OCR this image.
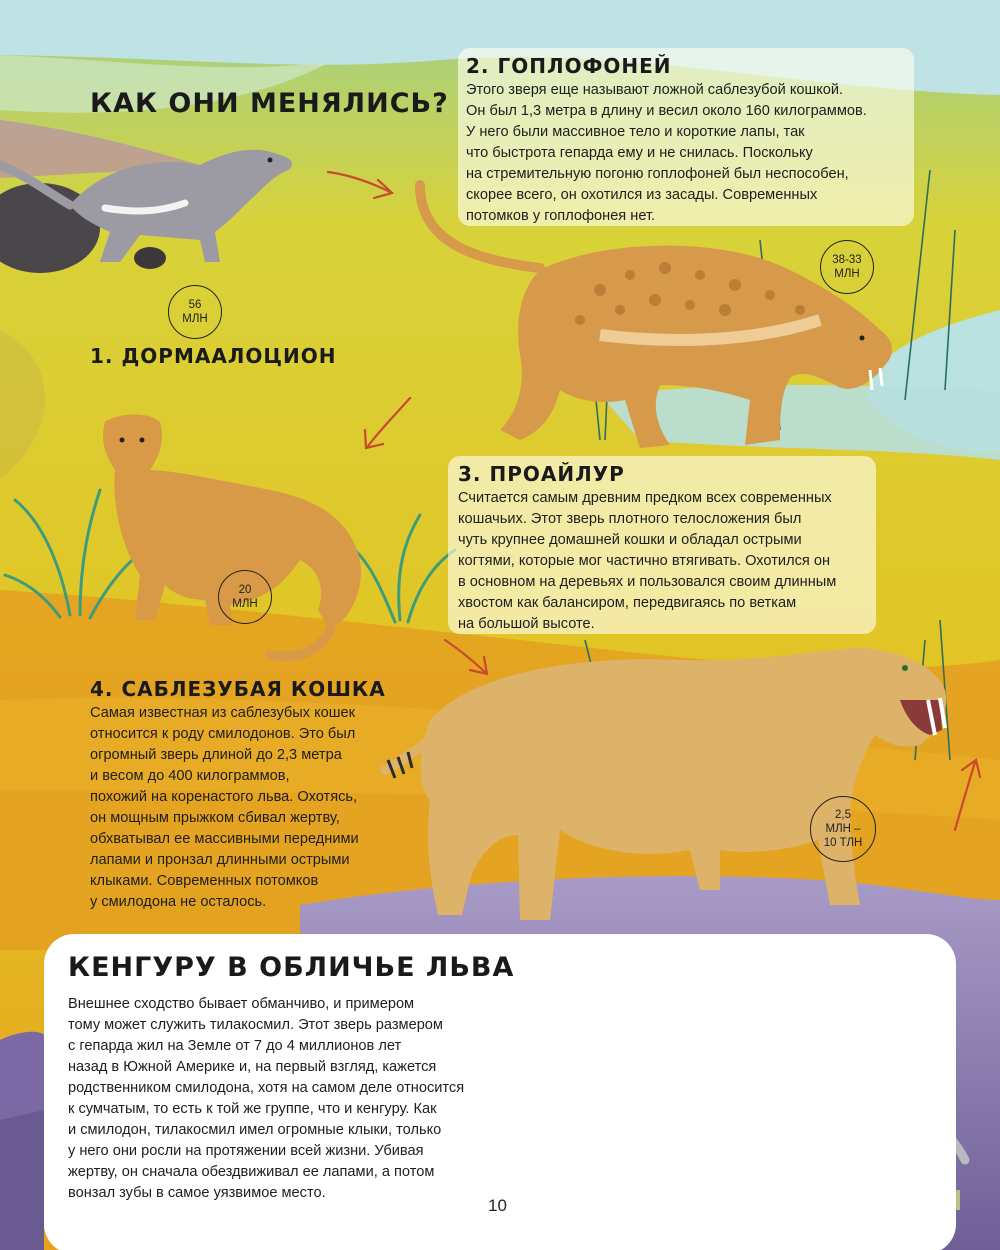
КАК ОНИ МЕНЯЛИСЬ?
56
МЛН
1. ДОРМААЛОЦИОН
2. ГОПЛОФОНЕЙ
Этого зверя еще называют ложной саблезубой кошкой.
Он был 1,3 метра в длину и весил около 160 килограммов.
У него были массивное тело и короткие лапы, так
что быстрота гепарда ему и не снилась. Поскольку
на стремительную погоню гоплофоней был неспособен,
скорее всего, он охотился из засады. Современных
потомков у гоплофонея нет.
38-33
МЛН
3. ПРОАЙЛУР
Считается самым древним предком всех современных
кошачьих. Этот зверь плотного телосложения был
чуть крупнее домашней кошки и обладал острыми
когтями, которые мог частично втягивать. Охотился он
в основном на деревьях и пользовался своим длинным
хвостом как балансиром, передвигаясь по веткам
на большой высоте.
20
МЛН
4. САБЛЕЗУБАЯ КОШКА
Самая известная из саблезубых кошек
относится к роду смилодонов. Это был
огромный зверь длиной до 2,3 метра
и весом до 400 килограммов,
похожий на коренастого льва. Охотясь,
он мощным прыжком сбивал жертву,
обхватывал ее массивными передними
лапами и пронзал длинными острыми
клыками. Современных потомков
у смилодона не осталось.
2,5
МЛН –
10 ТЛН
КЕНГУРУ В ОБЛИЧЬЕ ЛЬВА
Внешнее сходство бывает обманчиво, и примером
тому может служить тилакосмил. Этот зверь размером
с гепарда жил на Земле от 7 до 4 миллионов лет
назад в Южной Америке и, на первый взгляд, кажется
родственником смилодона, хотя на самом деле относится
к сумчатым, то есть к той же группе, что и кенгуру. Как
и смилодон, тилакосмил имел огромные клыки, только
у него они росли на протяжении всей жизни. Убивая
жертву, он сначала обездвиживал ее лапами, а потом
вонзал зубы в самое уязвимое место.
10
